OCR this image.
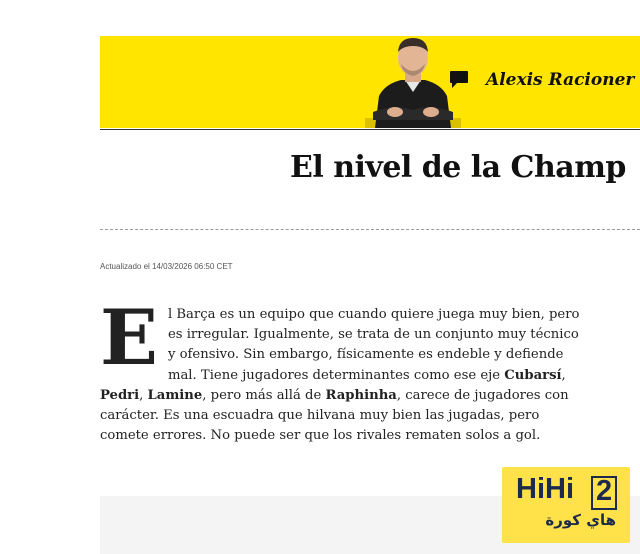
Alexis Racioner
El nivel de la Champ
Actualizado el 14/03/2026 06:50 CET

El Barça es un equipo que cuando quiere juega muy bien, pero es irregular. Igualmente, se trata de un conjunto muy técnico y ofensivo. Sin embargo, físicamente es endeble y defiende mal. Tiene jugadores determinantes como ese eje Cubarsí, Pedri, Lamine, pero más allá de Raphinha, carece de jugadores con carácter. Es una escuadra que hilvana muy bien las jugadas, pero comete errores. No puede ser que los rivales rematen solos a gol.

HiHi 2
هاي كورة
